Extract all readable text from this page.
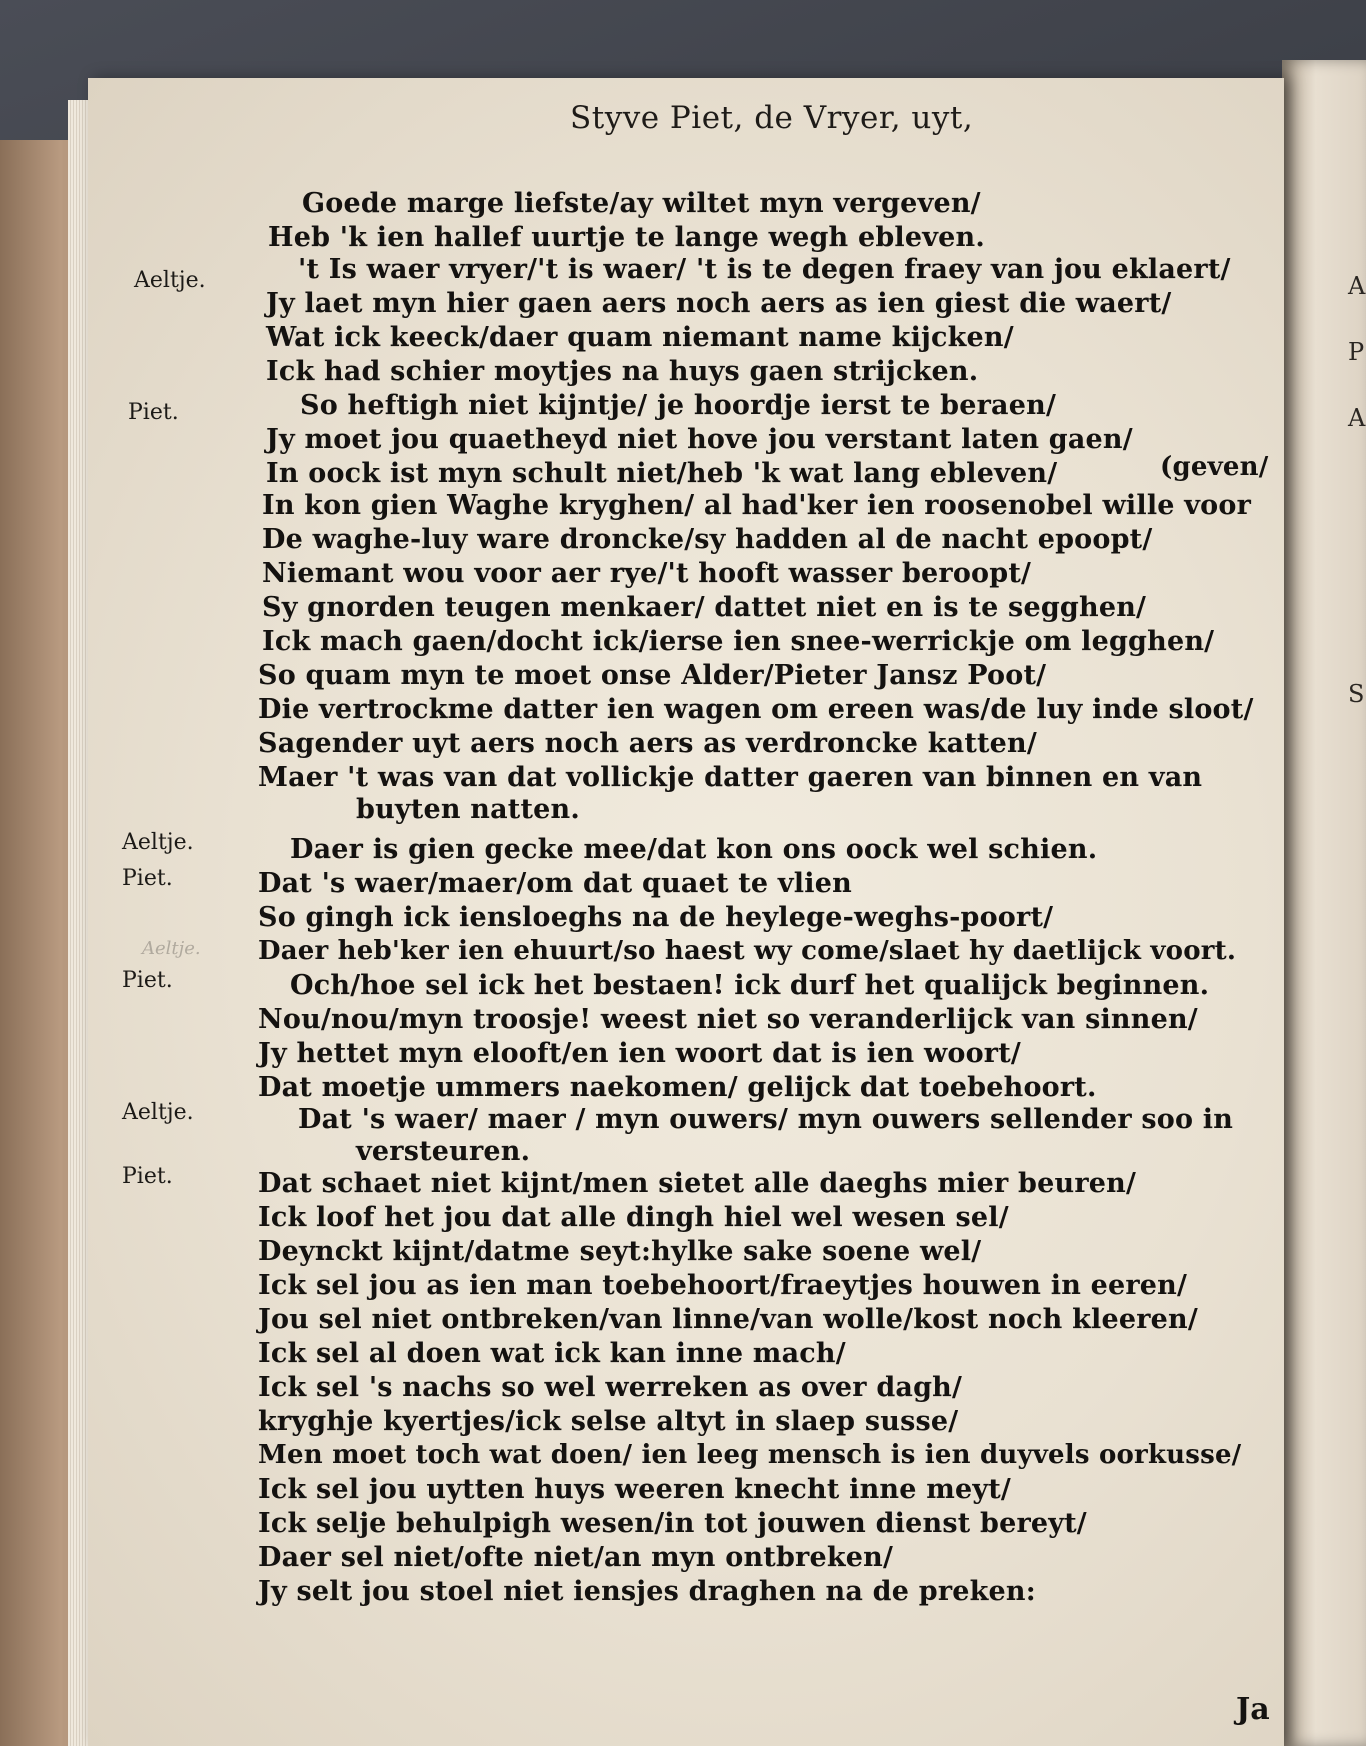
A
P
A
S
Styve Piet, de Vryer, uyt,
Aeltje.
Piet.
Aeltje.
Piet.
Aeltje.
Piet.
Aeltje.
Piet.
Goede marge liefste/ay wiltet myn vergeven/
Heb 'k ien hallef uurtje te lange wegh ebleven.
't Is waer vryer/'t is waer/ 't is te degen fraey van jou eklaert/
Jy laet myn hier gaen aers noch aers as ien giest die waert/
Wat ick keeck/daer quam niemant name kijcken/
Ick had schier moytjes na huys gaen strijcken.
So heftigh niet kijntje/ je hoordje ierst te beraen/
Jy moet jou quaetheyd niet hove jou verstant laten gaen/
In oock ist myn schult niet/heb 'k wat lang ebleven/	(geven/
In kon gien Waghe kryghen/ al had'ker ien roosenobel wille voor
De waghe-luy ware droncke/sy hadden al de nacht epoopt/
Niemant wou voor aer rye/'t hooft wasser beroopt/
Sy gnorden teugen menkaer/ dattet niet en is te segghen/
Ick mach gaen/docht ick/ierse ien snee-werrickje om legghen/
So quam myn te moet onse Alder/Pieter Jansz Poot/
Die vertrockme datter ien wagen om ereen was/de luy inde sloot/
Sagender uyt aers noch aers as verdroncke katten/
Maer 't was van dat vollickje datter gaeren van binnen en van
buyten natten.
Daer is gien gecke mee/dat kon ons oock wel schien.
Dat 's waer/maer/om dat quaet te vlien
So gingh ick iensloeghs na de heylege-weghs-poort/
Daer heb'ker ien ehuurt/so haest wy come/slaet hy daetlijck voort.
Och/hoe sel ick het bestaen! ick durf het qualijck beginnen.
Nou/nou/myn troosje! weest niet so veranderlijck van sinnen/
Jy hettet myn elooft/en ien woort dat is ien woort/
Dat moetje ummers naekomen/ gelijck dat toebehoort.
Dat 's waer/ maer / myn ouwers/ myn ouwers sellender soo in
versteuren.
Dat schaet niet kijnt/men sietet alle daeghs mier beuren/
Ick loof het jou dat alle dingh hiel wel wesen sel/
Deynckt kijnt/datme seyt:hylke sake soene wel/
Ick sel jou as ien man toebehoort/fraeytjes houwen in eeren/
Jou sel niet ontbreken/van linne/van wolle/kost noch kleeren/
Ick sel al doen wat ick kan inne mach/
Ick sel 's nachs so wel werreken as over dagh/
kryghje kyertjes/ick selse altyt in slaep susse/
Men moet toch wat doen/ ien leeg mensch is ien duyvels oorkusse/
Ick sel jou uytten huys weeren knecht inne meyt/
Ick selje behulpigh wesen/in tot jouwen dienst bereyt/
Daer sel niet/ofte niet/an myn ontbreken/
Jy selt jou stoel niet iensjes draghen na de preken:
Ja
